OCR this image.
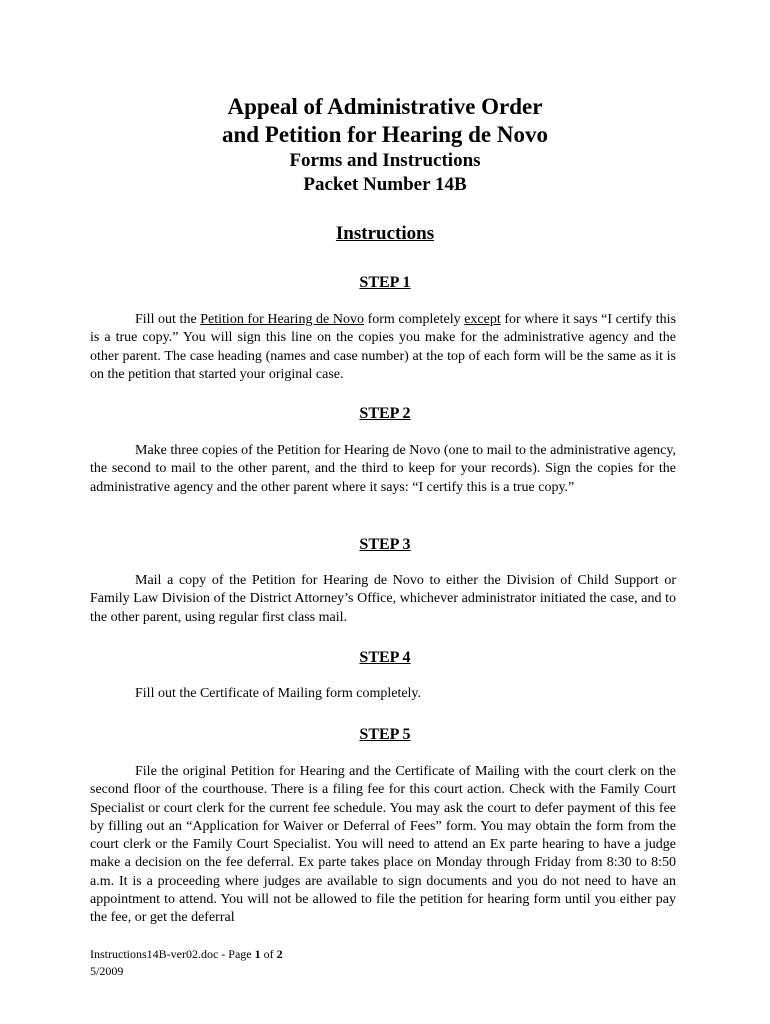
Appeal of Administrative Order
and Petition for Hearing de Novo
Forms and Instructions
Packet Number 14B
Instructions
STEP 1
Fill out the Petition for Hearing de Novo form completely except for where it says “I certify this is a true copy.” You will sign this line on the copies you make for the administrative agency and the other parent. The case heading (names and case number) at the top of each form will be the same as it is on the petition that started your original case.
STEP 2
Make three copies of the Petition for Hearing de Novo (one to mail to the administrative agency, the second to mail to the other parent, and the third to keep for your records). Sign the copies for the administrative agency and the other parent where it says: “I certify this is a true copy.”
STEP 3
Mail a copy of the Petition for Hearing de Novo to either the Division of Child Support or Family Law Division of the District Attorney’s Office, whichever administrator initiated the case, and to the other parent, using regular first class mail.
STEP 4
Fill out the Certificate of Mailing form completely.
STEP 5
File the original Petition for Hearing and the Certificate of Mailing with the court clerk on the second floor of the courthouse. There is a filing fee for this court action. Check with the Family Court Specialist or court clerk for the current fee schedule. You may ask the court to defer payment of this fee by filling out an “Application for Waiver or Deferral of Fees” form. You may obtain the form from the court clerk or the Family Court Specialist. You will need to attend an Ex parte hearing to have a judge make a decision on the fee deferral. Ex parte takes place on Monday through Friday from 8:30 to 8:50 a.m. It is a proceeding where judges are available to sign documents and you do not need to have an appointment to attend. You will not be allowed to file the petition for hearing form until you either pay the fee, or get the deferral
Instructions14B-ver02.doc - Page 1 of 2
5/2009
